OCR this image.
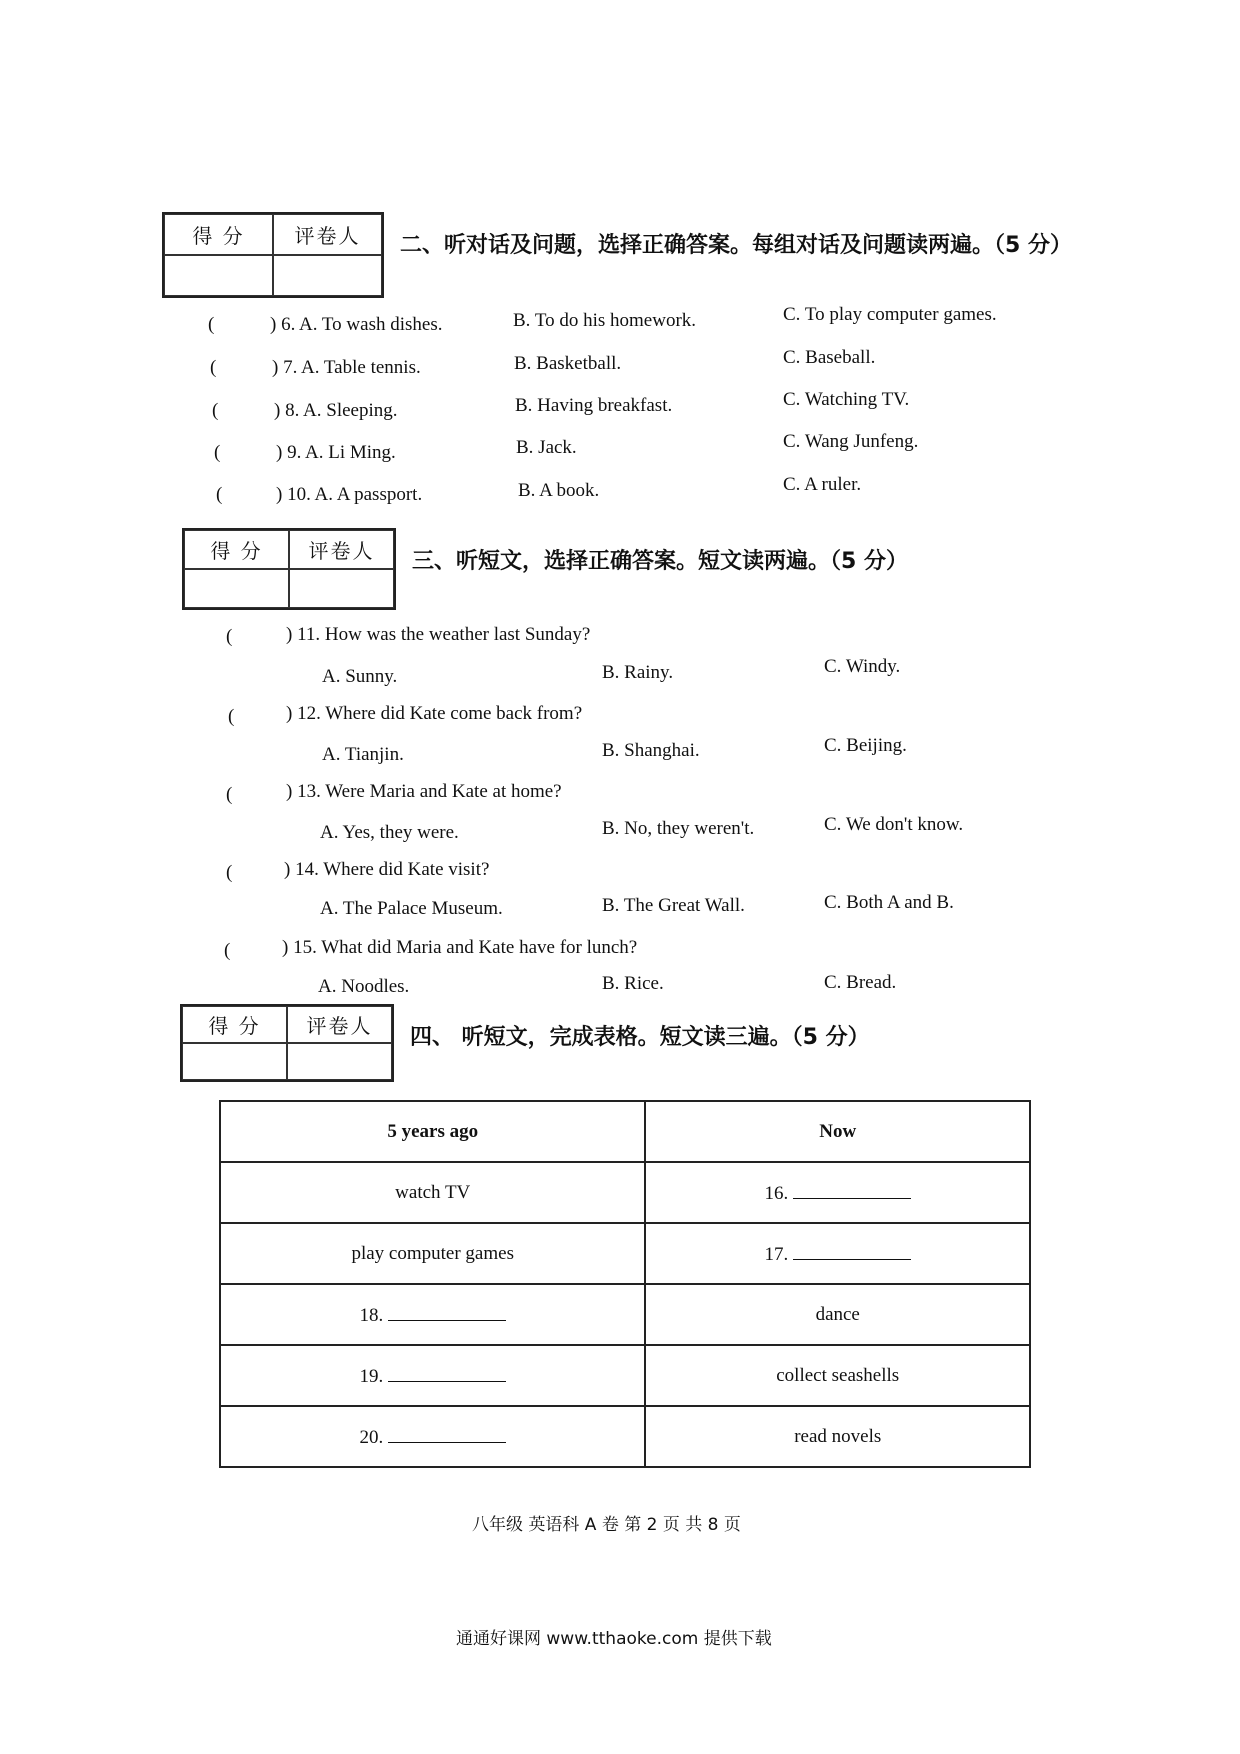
得 分	评卷人	二、听对话及问题，选择正确答案。每组对话及问题读两遍。（5 分）
(	) 6. A. To wash dishes.	B. To do his homework.	C. To play computer games.
(	) 7. A. Table tennis.	B. Basketball.	C. Baseball.
(	) 8. A. Sleeping.	B. Having breakfast.	C. Watching TV.
(	) 9. A. Li Ming.	B. Jack.	C. Wang Junfeng.
(	) 10. A. A passport.	B. A book.	C. A ruler.
得 分	评卷人	三、听短文，选择正确答案。短文读两遍。（5 分）
(	) 11. How was the weather last Sunday?
A. Sunny.	B. Rainy.	C. Windy.
(	) 12. Where did Kate come back from?
A. Tianjin.	B. Shanghai.	C. Beijing.
(	) 13. Were Maria and Kate at home?
A. Yes, they were.	B. No, they weren't.	C. We don't know.
(	) 14. Where did Kate visit?
A. The Palace Museum.	B. The Great Wall.	C. Both A and B.
(	) 15. What did Maria and Kate have for lunch?
A. Noodles.	B. Rice.	C. Bread.
得 分	评卷人	四、 听短文，完成表格。短文读三遍。（5 分）
5 years ago	Now
watch TV	16.
play computer games	17.
18.	dance
19.	collect seashells
20.	read novels
八年级 英语科 A 卷 第 2 页 共 8 页
通通好课网 www.tthaoke.com 提供下载
